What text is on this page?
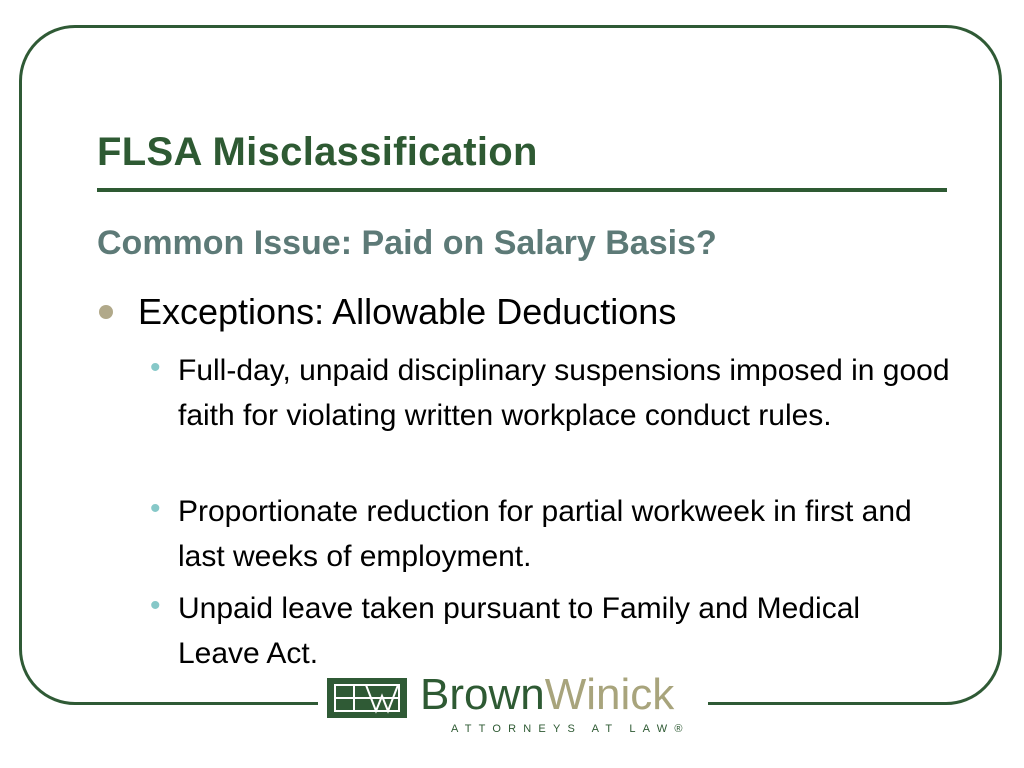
FLSA Misclassification
Common Issue: Paid on Salary Basis?
Exceptions: Allowable Deductions
• Full-day, unpaid disciplinary suspensions imposed in good faith for violating written workplace conduct rules.
• Proportionate reduction for partial workweek in first and last weeks of employment.
• Unpaid leave taken pursuant to Family and Medical Leave Act.
BrownWinick
ATTORNEYS AT LAW®
